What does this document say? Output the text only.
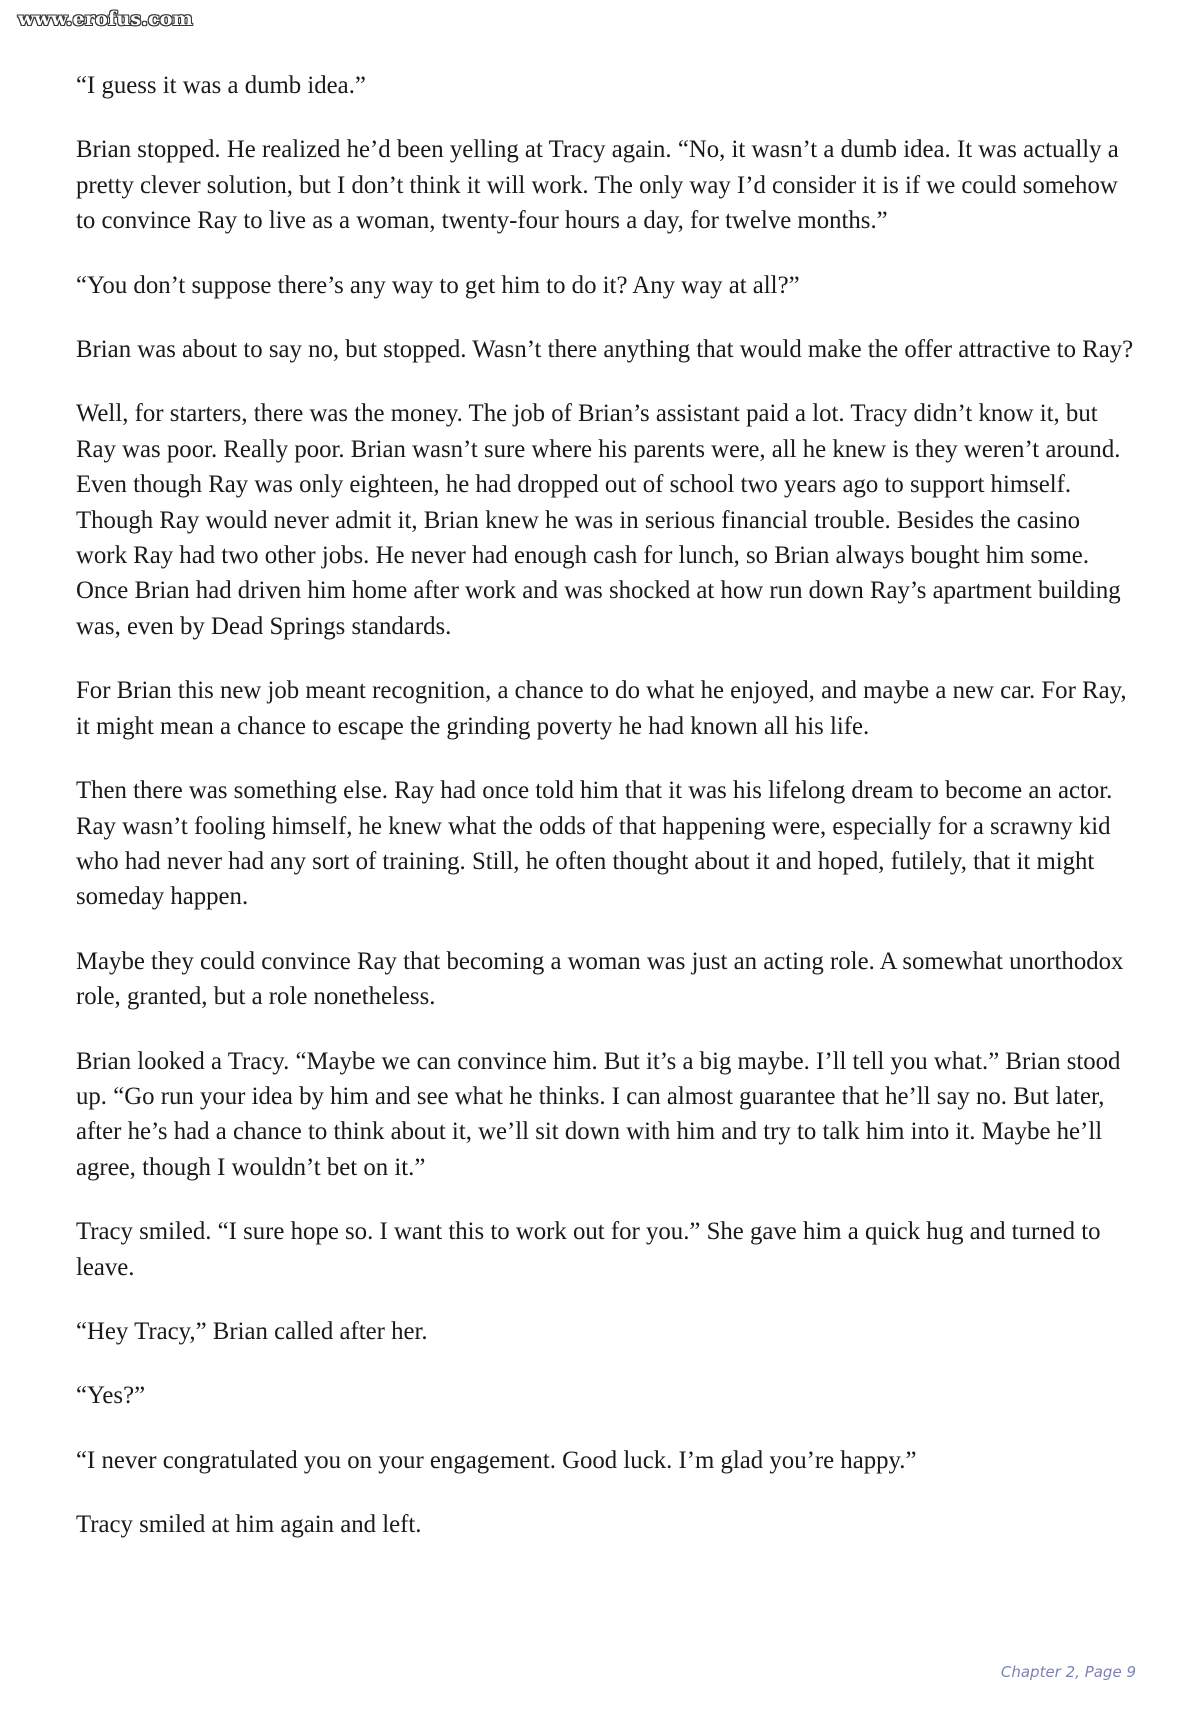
www.erofus.com

“I guess it was a dumb idea.”

Brian stopped. He realized he’d been yelling at Tracy again. “No, it wasn’t a dumb idea. It was actually a pretty clever solution, but I don’t think it will work. The only way I’d consider it is if we could somehow to convince Ray to live as a woman, twenty-four hours a day, for twelve months.”

“You don’t suppose there’s any way to get him to do it? Any way at all?”

Brian was about to say no, but stopped. Wasn’t there anything that would make the offer attractive to Ray?

Well, for starters, there was the money. The job of Brian’s assistant paid a lot. Tracy didn’t know it, but Ray was poor. Really poor. Brian wasn’t sure where his parents were, all he knew is they weren’t around. Even though Ray was only eighteen, he had dropped out of school two years ago to support himself. Though Ray would never admit it, Brian knew he was in serious financial trouble. Besides the casino work Ray had two other jobs. He never had enough cash for lunch, so Brian always bought him some. Once Brian had driven him home after work and was shocked at how run down Ray’s apartment building was, even by Dead Springs standards.

For Brian this new job meant recognition, a chance to do what he enjoyed, and maybe a new car. For Ray, it might mean a chance to escape the grinding poverty he had known all his life.

Then there was something else. Ray had once told him that it was his lifelong dream to become an actor. Ray wasn’t fooling himself, he knew what the odds of that happening were, especially for a scrawny kid who had never had any sort of training. Still, he often thought about it and hoped, futilely, that it might someday happen.

Maybe they could convince Ray that becoming a woman was just an acting role. A somewhat unorthodox role, granted, but a role nonetheless.

Brian looked a Tracy. “Maybe we can convince him. But it’s a big maybe. I’ll tell you what.” Brian stood up. “Go run your idea by him and see what he thinks. I can almost guarantee that he’ll say no. But later, after he’s had a chance to think about it, we’ll sit down with him and try to talk him into it. Maybe he’ll agree, though I wouldn’t bet on it.”

Tracy smiled. “I sure hope so. I want this to work out for you.” She gave him a quick hug and turned to leave.

“Hey Tracy,” Brian called after her.

“Yes?”

“I never congratulated you on your engagement. Good luck. I’m glad you’re happy.”

Tracy smiled at him again and left.

Chapter 2, Page 9
